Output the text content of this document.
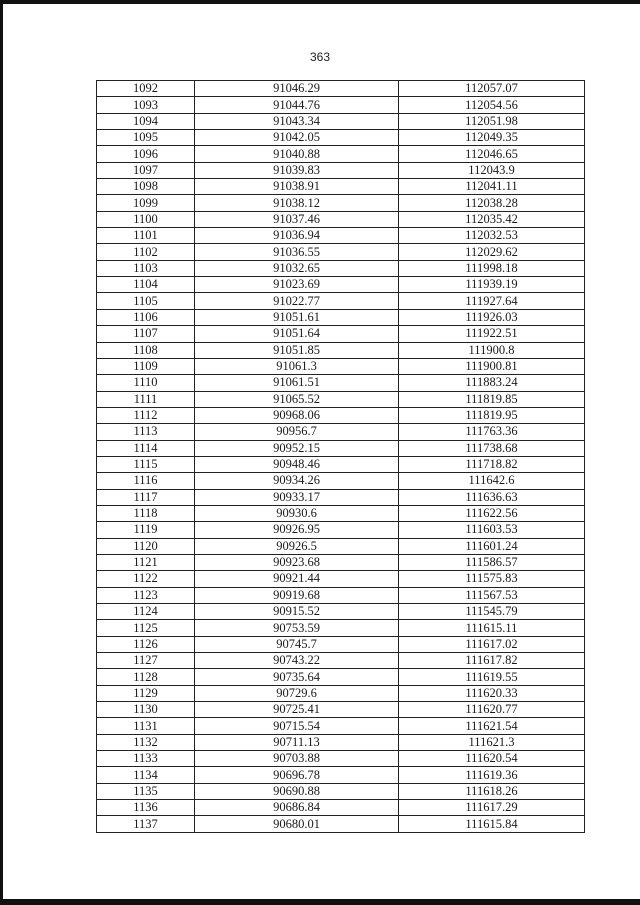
363
1092	91046.29	112057.07
1093	91044.76	112054.56
1094	91043.34	112051.98
1095	91042.05	112049.35
1096	91040.88	112046.65
1097	91039.83	112043.9
1098	91038.91	112041.11
1099	91038.12	112038.28
1100	91037.46	112035.42
1101	91036.94	112032.53
1102	91036.55	112029.62
1103	91032.65	111998.18
1104	91023.69	111939.19
1105	91022.77	111927.64
1106	91051.61	111926.03
1107	91051.64	111922.51
1108	91051.85	111900.8
1109	91061.3	111900.81
1110	91061.51	111883.24
1111	91065.52	111819.85
1112	90968.06	111819.95
1113	90956.7	111763.36
1114	90952.15	111738.68
1115	90948.46	111718.82
1116	90934.26	111642.6
1117	90933.17	111636.63
1118	90930.6	111622.56
1119	90926.95	111603.53
1120	90926.5	111601.24
1121	90923.68	111586.57
1122	90921.44	111575.83
1123	90919.68	111567.53
1124	90915.52	111545.79
1125	90753.59	111615.11
1126	90745.7	111617.02
1127	90743.22	111617.82
1128	90735.64	111619.55
1129	90729.6	111620.33
1130	90725.41	111620.77
1131	90715.54	111621.54
1132	90711.13	111621.3
1133	90703.88	111620.54
1134	90696.78	111619.36
1135	90690.88	111618.26
1136	90686.84	111617.29
1137	90680.01	111615.84
